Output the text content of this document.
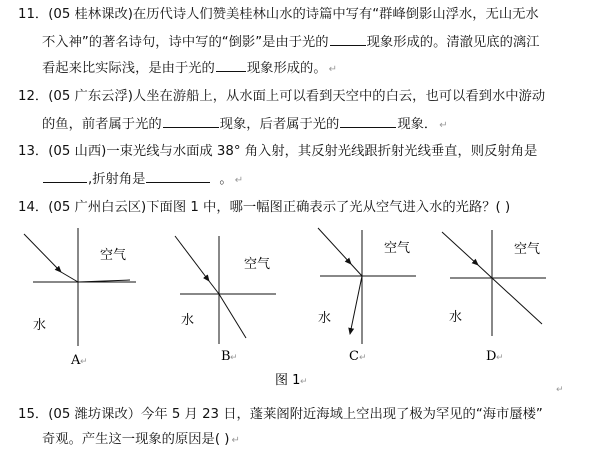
11．(05 桂林课改)在历代诗人们赞美桂林山水的诗篇中写有“群峰倒影山浮水，无山无水
不入神”的著名诗句，诗中写的“倒影”是由于光的	现象形成的。清澈见底的漓江
看起来比实际浅，是由于光的 现象形成的。 ↵
12．(05 广东云浮)人坐在游船上，从水面上可以看到天空中的白云，也可以看到水中游动
的鱼，前者属于光的	现象，后者属于光的	现象． ↵
13．(05 山西)一束光线与水面成 38° 角入射，其反射光线跟折射光线垂直，则反射角是
,折射角是	。 ↵
14．(05 广州白云区)下面图 1 中，哪一幅图正确表示了光从空气进入水的光路？( )
空气
水
A ↵
空气
水
B ↵
空气
水
C ↵
空气
水
D ↵
图 1 ↵
↵
15．(05 潍坊课改）今年 5 月 23 日，蓬莱阁附近海域上空出现了极为罕见的“海市蜃楼”
奇观。产生这一现象的原因是( ) ↵
